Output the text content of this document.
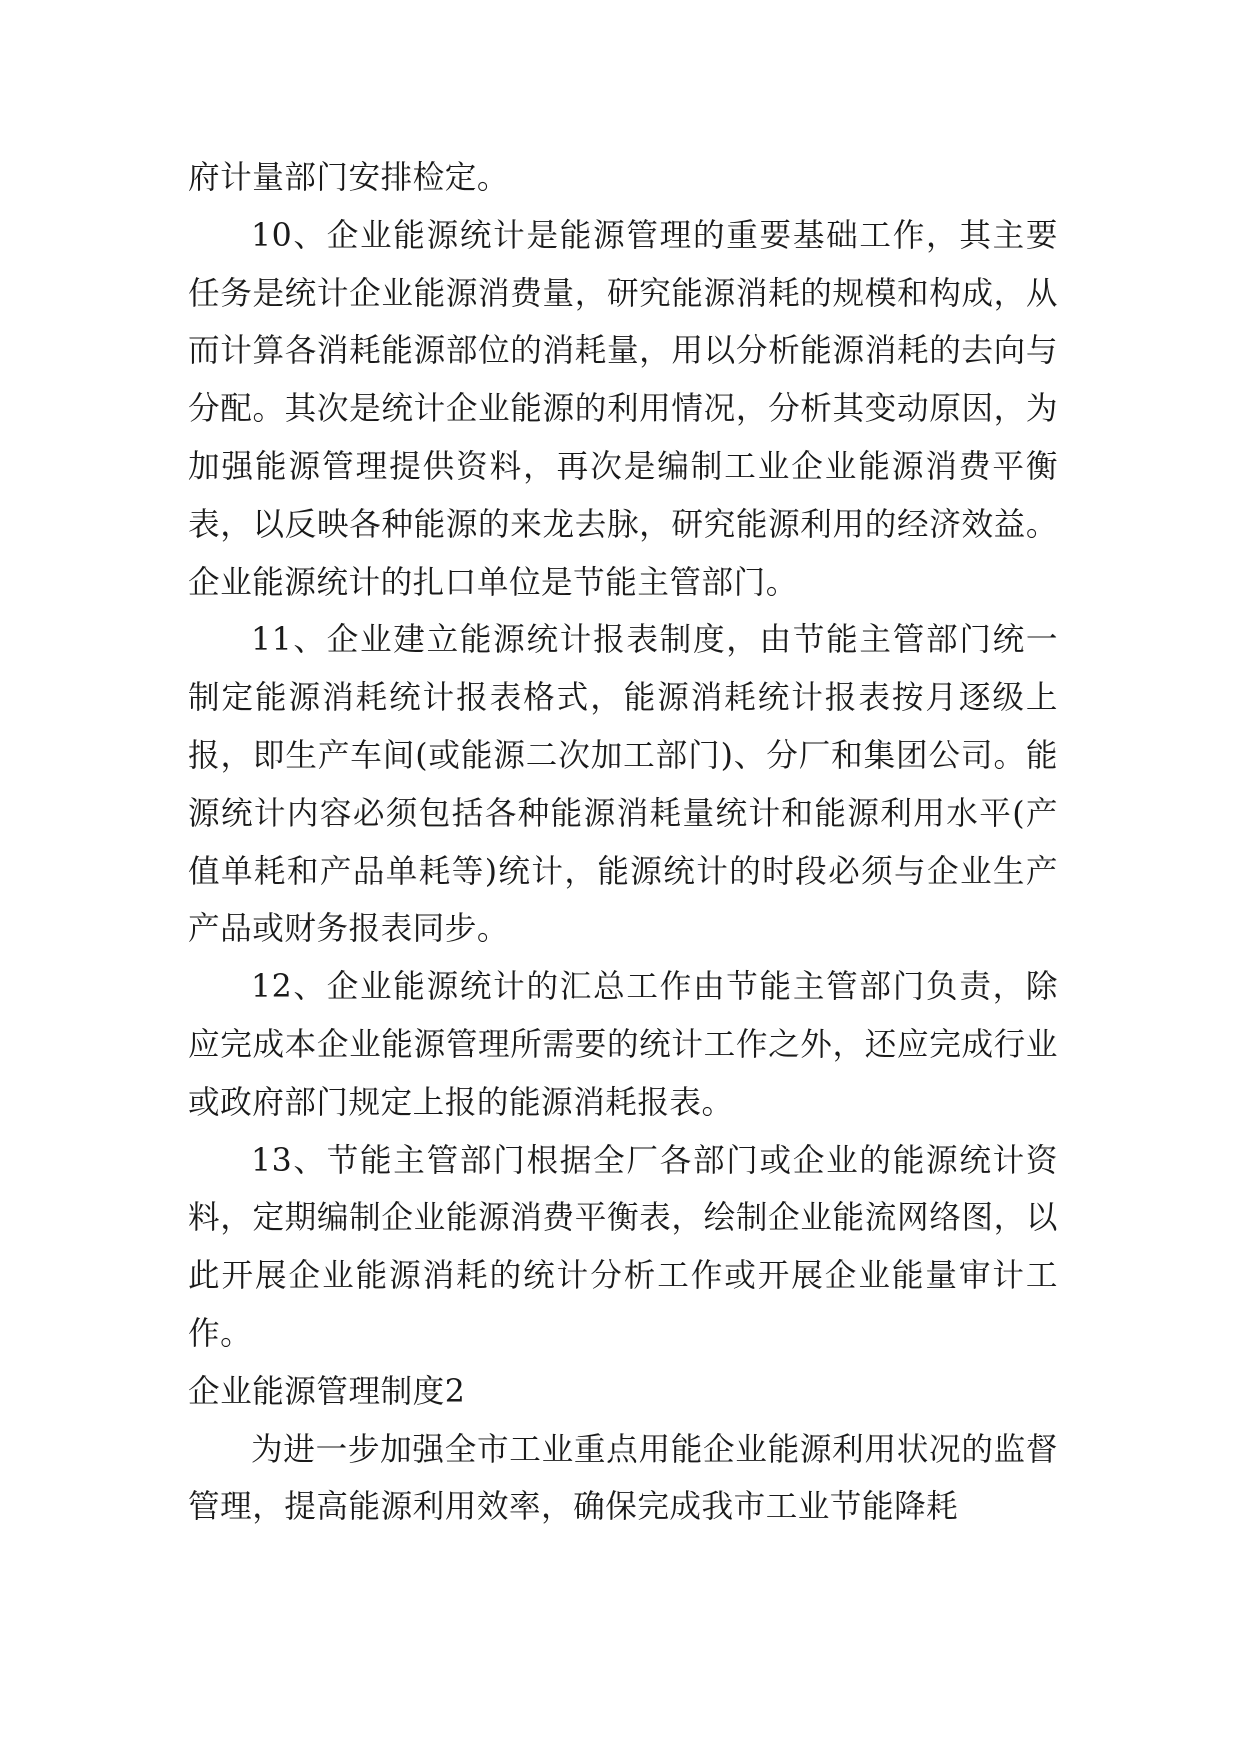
府计量部门安排检定。

10、企业能源统计是能源管理的重要基础工作，其主要任务是统计企业能源消费量，研究能源消耗的规模和构成，从而计算各消耗能源部位的消耗量，用以分析能源消耗的去向与分配。其次是统计企业能源的利用情况，分析其变动原因，为加强能源管理提供资料，再次是编制工业企业能源消费平衡表，以反映各种能源的来龙去脉，研究能源利用的经济效益。企业能源统计的扎口单位是节能主管部门。

11、企业建立能源统计报表制度，由节能主管部门统一制定能源消耗统计报表格式，能源消耗统计报表按月逐级上报，即生产车间(或能源二次加工部门)、分厂和集团公司。能源统计内容必须包括各种能源消耗量统计和能源利用水平(产值单耗和产品单耗等)统计，能源统计的时段必须与企业生产产品或财务报表同步。

12、企业能源统计的汇总工作由节能主管部门负责，除应完成本企业能源管理所需要的统计工作之外，还应完成行业或政府部门规定上报的能源消耗报表。

13、节能主管部门根据全厂各部门或企业的能源统计资料，定期编制企业能源消费平衡表，绘制企业能流网络图，以此开展企业能源消耗的统计分析工作或开展企业能量审计工作。

企业能源管理制度2

为进一步加强全市工业重点用能企业能源利用状况的监督管理，提高能源利用效率，确保完成我市工业节能降耗
